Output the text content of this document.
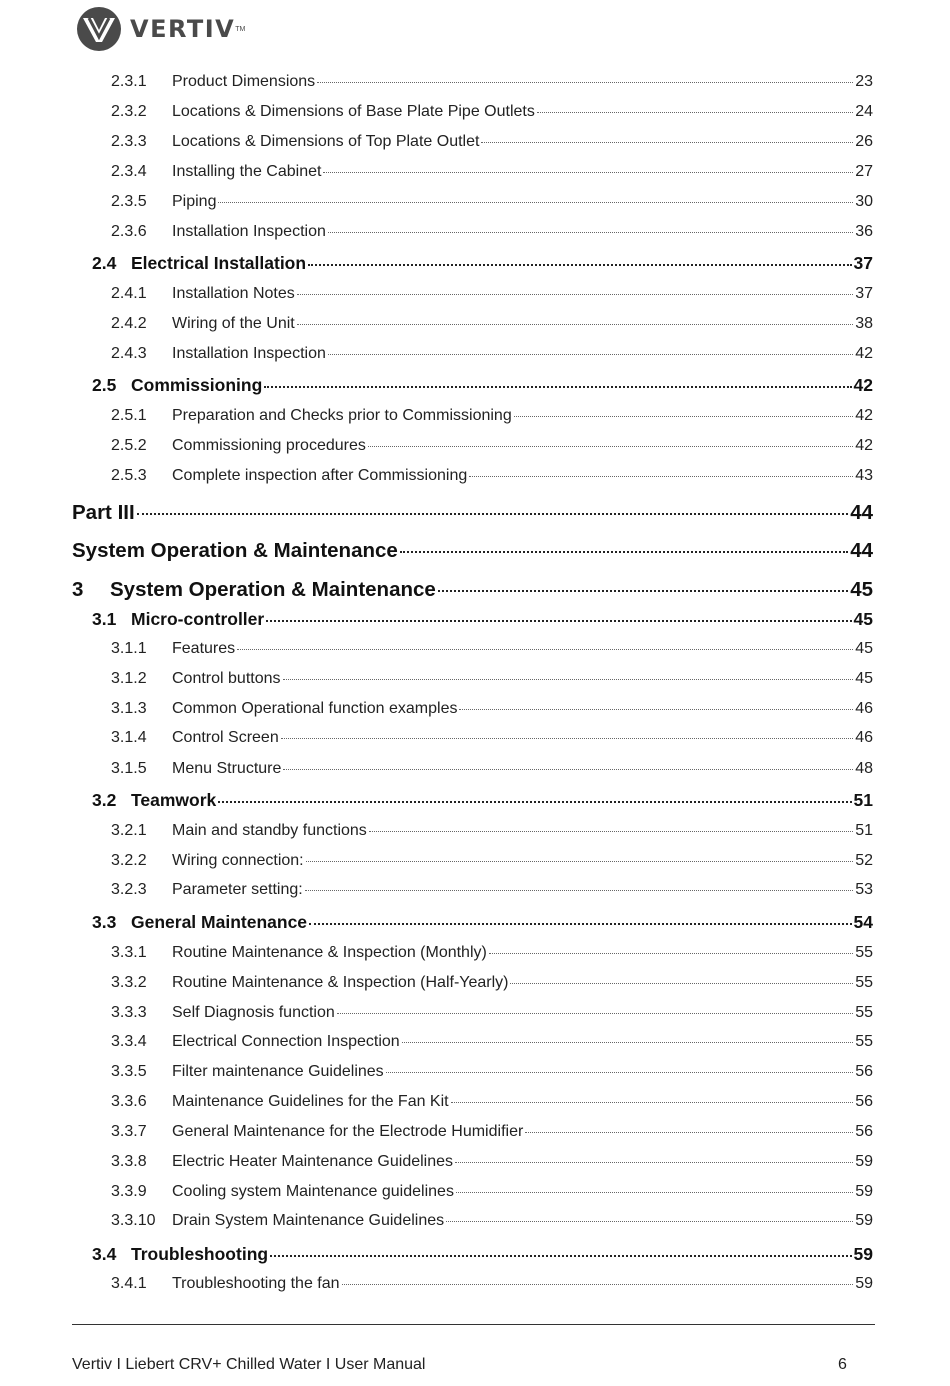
VERTIV TM
2.3.1	Product Dimensions	23
2.3.2	Locations & Dimensions of Base Plate Pipe Outlets	24
2.3.3	Locations & Dimensions of Top Plate Outlet	26
2.3.4	Installing the Cabinet	27
2.3.5	Piping	30
2.3.6	Installation Inspection	36
2.4 Electrical Installation	37
2.4.1	Installation Notes	37
2.4.2	Wiring of the Unit	38
2.4.3	Installation Inspection	42
2.5 Commissioning	42
2.5.1	Preparation and Checks prior to Commissioning	42
2.5.2	Commissioning procedures	42
2.5.3	Complete inspection after Commissioning	43
Part III	44
System Operation & Maintenance	44
3	System Operation & Maintenance	45
3.1 Micro-controller	45
3.1.1	Features	45
3.1.2	Control buttons	45
3.1.3	Common Operational function examples	46
3.1.4	Control Screen	46
3.1.5	Menu Structure	48
3.2 Teamwork	51
3.2.1	Main and standby functions	51
3.2.2	Wiring connection:	52
3.2.3	Parameter setting:	53
3.3 General Maintenance	54
3.3.1	Routine Maintenance & Inspection (Monthly)	55
3.3.2	Routine Maintenance & Inspection (Half-Yearly)	55
3.3.3	Self Diagnosis function	55
3.3.4	Electrical Connection Inspection	55
3.3.5	Filter maintenance Guidelines	56
3.3.6	Maintenance Guidelines for the Fan Kit	56
3.3.7	General Maintenance for the Electrode Humidifier	56
3.3.8	Electric Heater Maintenance Guidelines	59
3.3.9	Cooling system Maintenance guidelines	59
3.3.10	Drain System Maintenance Guidelines	59
3.4 Troubleshooting	59
3.4.1	Troubleshooting the fan	59
Vertiv I Liebert CRV+ Chilled Water I User Manual	6
